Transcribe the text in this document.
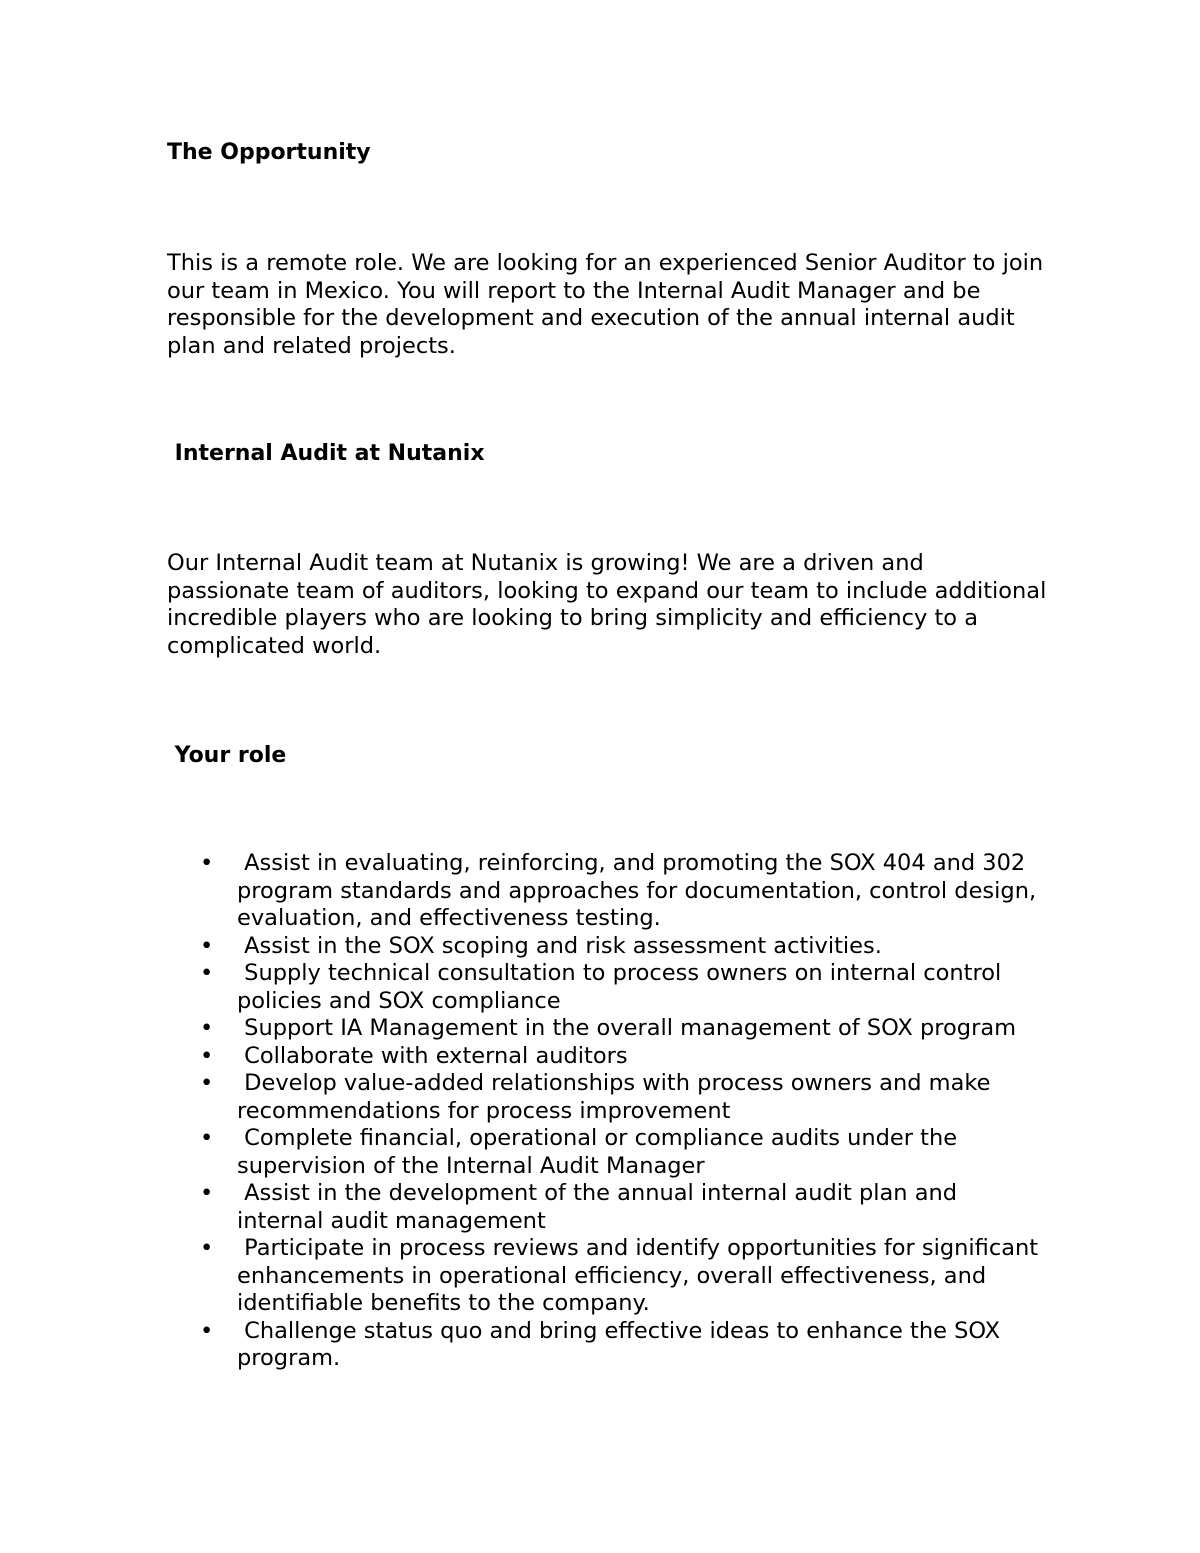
The Opportunity

This is a remote role. We are looking for an experienced Senior Auditor to join our team in Mexico. You will report to the Internal Audit Manager and be responsible for the development and execution of the annual internal audit plan and related projects.

Internal Audit at Nutanix

Our Internal Audit team at Nutanix is growing! We are a driven and passionate team of auditors, looking to expand our team to include additional incredible players who are looking to bring simplicity and efficiency to a complicated world.

Your role
• Assist in evaluating, reinforcing, and promoting the SOX 404 and 302 program standards and approaches for documentation, control design, evaluation, and effectiveness testing.
• Assist in the SOX scoping and risk assessment activities.
• Supply technical consultation to process owners on internal control policies and SOX compliance
• Support IA Management in the overall management of SOX program
• Collaborate with external auditors
• Develop value-added relationships with process owners and make recommendations for process improvement
• Complete financial, operational or compliance audits under the supervision of the Internal Audit Manager
• Assist in the development of the annual internal audit plan and internal audit management
• Participate in process reviews and identify opportunities for significant enhancements in operational efficiency, overall effectiveness, and identifiable benefits to the company.
• Challenge status quo and bring effective ideas to enhance the SOX program.
